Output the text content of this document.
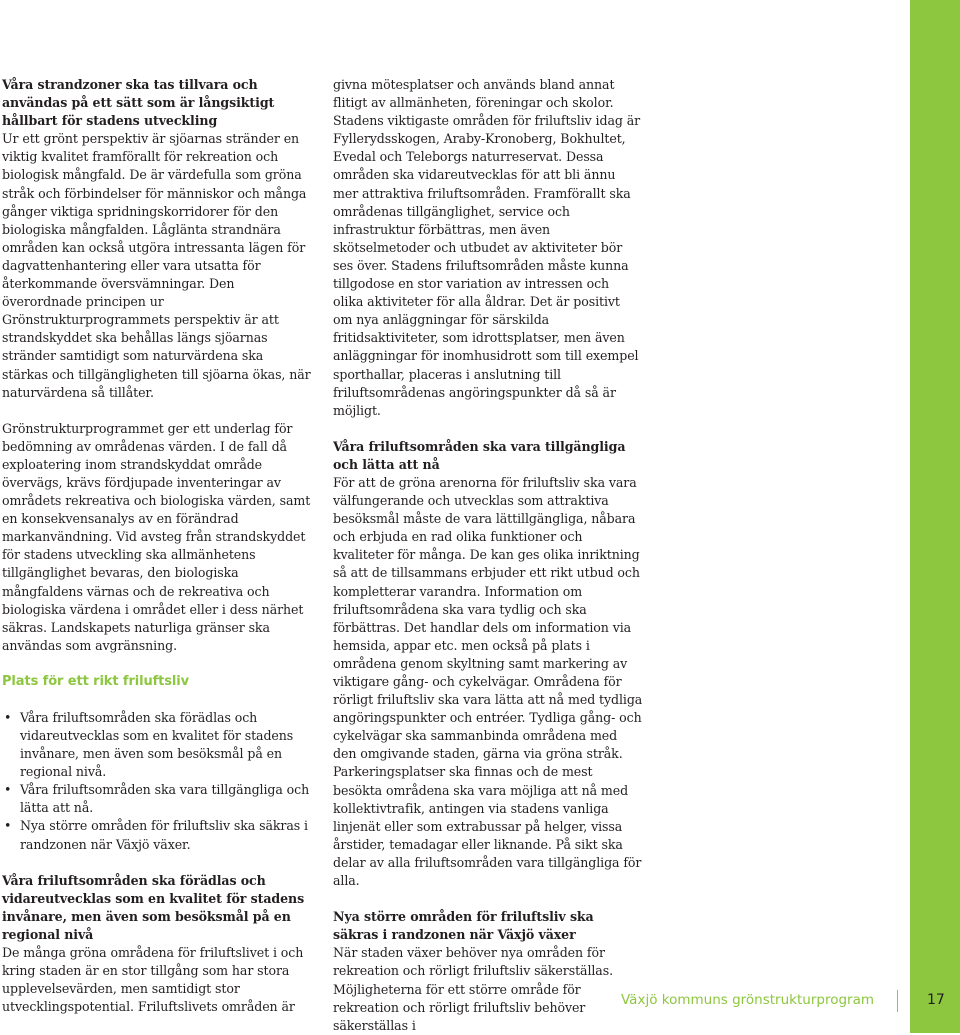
Våra strandzoner ska tas tillvara och användas på ett sätt som är långsiktigt hållbart för stadens utveckling

Ur ett grönt perspektiv är sjöarnas stränder en viktig kvalitet framförallt för rekreation och biologisk mångfald. De är värdefulla som gröna stråk och förbindelser för människor och många gånger viktiga spridningskorridorer för den biologiska mångfalden. Låglänta strandnära områden kan också utgöra intressanta lägen för dagvattenhantering eller vara utsatta för återkommande översvämningar. Den överordnade principen ur Grönstrukturprogrammets perspektiv är att strandskyddet ska behållas längs sjöarnas stränder samtidigt som naturvärdena ska stärkas och tillgängligheten till sjöarna ökas, när naturvärdena så tillåter.

Grönstrukturprogrammet ger ett underlag för bedömning av områdenas värden. I de fall då exploatering inom strandskyddat område övervägs, krävs fördjupade inventeringar av områdets rekreativa och biologiska värden, samt en konsekvensanalys av en förändrad markanvändning. Vid avsteg från strandskyddet för stadens utveckling ska allmänhetens tillgänglighet bevaras, den biologiska mångfaldens värnas och de rekreativa och biologiska värdena i området eller i dess närhet säkras. Landskapets naturliga gränser ska användas som avgränsning.

Plats för ett rikt friluftsliv
• Våra friluftsområden ska förädlas och vidareutvecklas som en kvalitet för stadens invånare, men även som besöksmål på en regional nivå.
• Våra friluftsområden ska vara tillgängliga och lätta att nå.
• Nya större områden för friluftsliv ska säkras i randzonen när Växjö växer.

Våra friluftsområden ska förädlas och vidareutvecklas som en kvalitet för stadens invånare, men även som besöksmål på en regional nivå

De många gröna områdena för friluftslivet i och kring staden är en stor tillgång som har stora upplevelsevärden, men samtidigt stor utvecklingspotential. Friluftslivets områden är

givna mötesplatser och används bland annat flitigt av allmänheten, föreningar och skolor. Stadens viktigaste områden för friluftsliv idag är Fyllerydsskogen, Araby-Kronoberg, Bokhultet, Evedal och Teleborgs naturreservat. Dessa områden ska vidareutvecklas för att bli ännu mer attraktiva friluftsområden. Framförallt ska områdenas tillgänglighet, service och infrastruktur förbättras, men även skötselmetoder och utbudet av aktiviteter bör ses över. Stadens friluftsområden måste kunna tillgodose en stor variation av intressen och olika aktiviteter för alla åldrar. Det är positivt om nya anläggningar för särskilda fritidsaktiviteter, som idrottsplatser, men även anläggningar för inomhusidrott som till exempel sporthallar, placeras i anslutning till friluftsområdenas angöringspunkter då så är möjligt.

Våra friluftsområden ska vara tillgängliga och lätta att nå

För att de gröna arenorna för friluftsliv ska vara välfungerande och utvecklas som attraktiva besöksmål måste de vara lättillgängliga, nåbara och erbjuda en rad olika funktioner och kvaliteter för många. De kan ges olika inriktning så att de tillsammans erbjuder ett rikt utbud och kompletterar varandra. Information om friluftsområdena ska vara tydlig och ska förbättras. Det handlar dels om information via hemsida, appar etc. men också på plats i områdena genom skyltning samt markering av viktigare gång- och cykelvägar. Områdena för rörligt friluftsliv ska vara lätta att nå med tydliga angöringspunkter och entréer. Tydliga gång- och cykelvägar ska sammanbinda områdena med den omgivande staden, gärna via gröna stråk. Parkeringsplatser ska finnas och de mest besökta områdena ska vara möjliga att nå med kollektivtrafik, antingen via stadens vanliga linjenät eller som extrabussar på helger, vissa årstider, temadagar eller liknande. På sikt ska delar av alla friluftsområden vara tillgängliga för alla.

Nya större områden för friluftsliv ska säkras i randzonen när Växjö växer

När staden växer behöver nya områden för rekreation och rörligt friluftsliv säkerställas. Möjligheterna för ett större område för rekreation och rörligt friluftsliv behöver säkerställas i

Växjö kommuns grönstrukturprogram	17
